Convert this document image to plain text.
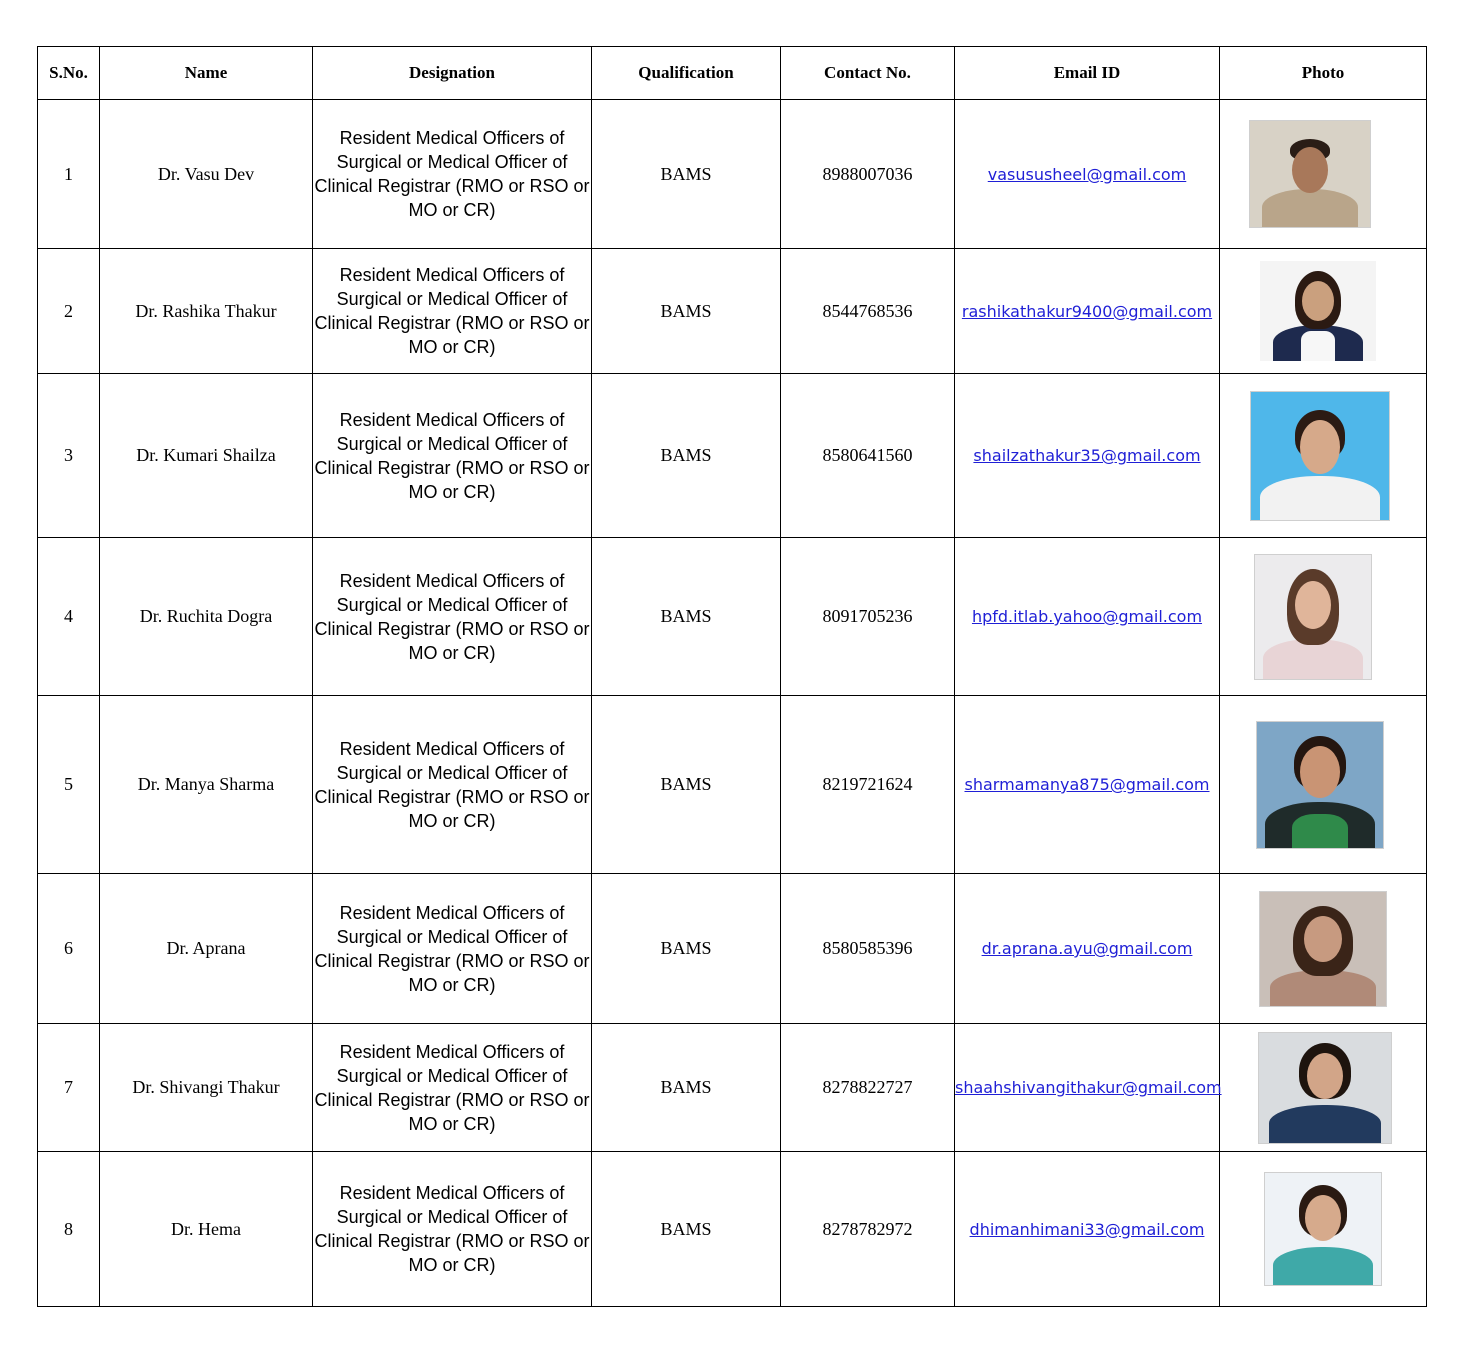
S.No.	Name	Designation	Qualification	Contact No.	Email ID	Photo
1	Dr. Vasu Dev	Resident Medical Officers of Surgical or Medical Officer of Clinical Registrar (RMO or RSO or MO or CR)	BAMS	8988007036	vasususheel@gmail.com	

2	Dr. Rashika Thakur	Resident Medical Officers of Surgical or Medical Officer of Clinical Registrar (RMO or RSO or MO or CR)	BAMS	8544768536	rashikathakur9400@gmail.com	

3	Dr. Kumari Shailza	Resident Medical Officers of Surgical or Medical Officer of Clinical Registrar (RMO or RSO or MO or CR)	BAMS	8580641560	shailzathakur35@gmail.com	

4	Dr. Ruchita Dogra	Resident Medical Officers of Surgical or Medical Officer of Clinical Registrar (RMO or RSO or MO or CR)	BAMS	8091705236	hpfd.itlab.yahoo@gmail.com	

5	Dr. Manya Sharma	Resident Medical Officers of Surgical or Medical Officer of Clinical Registrar (RMO or RSO or MO or CR)	BAMS	8219721624	sharmamanya875@gmail.com	

6	Dr. Aprana	Resident Medical Officers of Surgical or Medical Officer of Clinical Registrar (RMO or RSO or MO or CR)	BAMS	8580585396	dr.aprana.ayu@gmail.com	

7	Dr. Shivangi Thakur	Resident Medical Officers of Surgical or Medical Officer of Clinical Registrar (RMO or RSO or MO or CR)	BAMS	8278822727	shaahshivangithakur@gmail.com	

8	Dr. Hema	Resident Medical Officers of Surgical or Medical Officer of Clinical Registrar (RMO or RSO or MO or CR)	BAMS	8278782972	dhimanhimani33@gmail.com	
